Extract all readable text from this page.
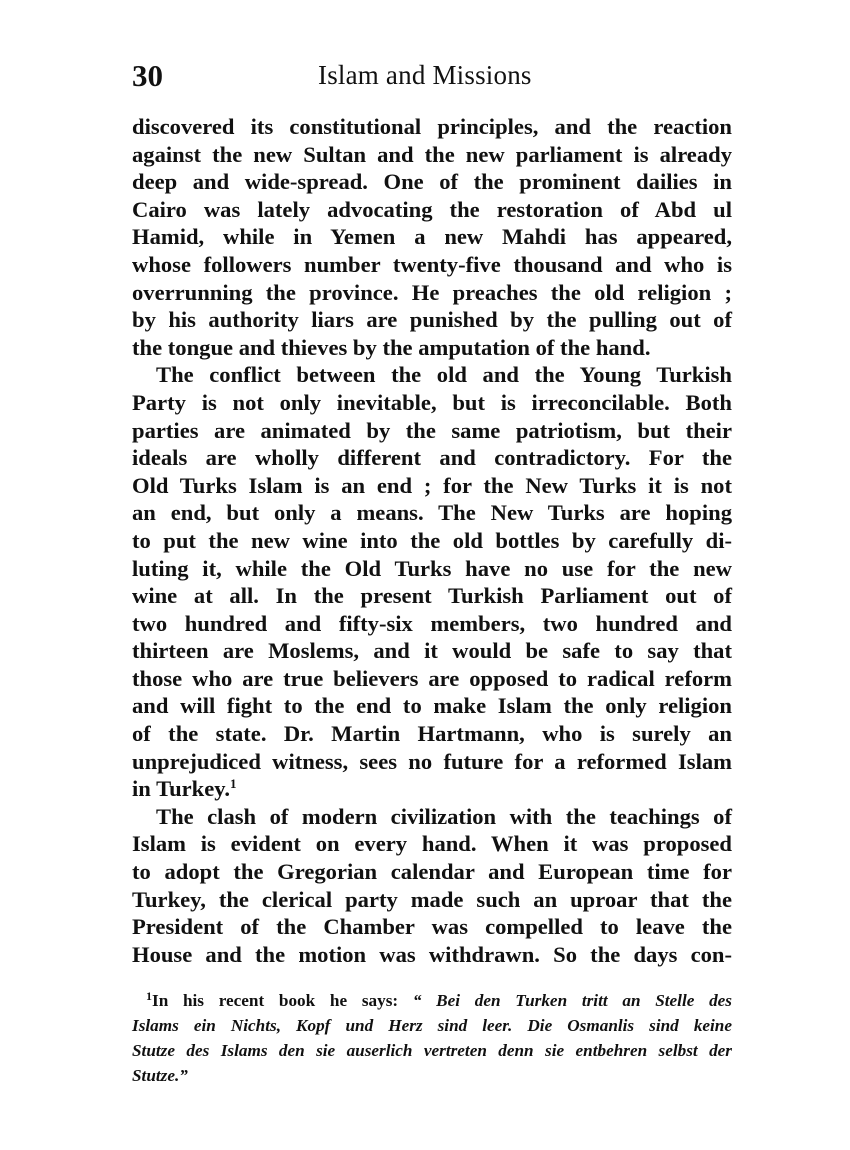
30	Islam and Missions
discovered its constitutional principles, and the reaction
against the new Sultan and the new parliament is already
deep and wide-spread. One of the prominent dailies in
Cairo was lately advocating the restoration of Abd ul
Hamid, while in Yemen a new Mahdi has appeared,
whose followers number twenty-five thousand and who is
overrunning the province. He preaches the old religion ;
by his authority liars are punished by the pulling out of
the tongue and thieves by the amputation of the hand.
The conflict between the old and the Young Turkish
Party is not only inevitable, but is irreconcilable. Both
parties are animated by the same patriotism, but their
ideals are wholly different and contradictory. For the
Old Turks Islam is an end ; for the New Turks it is not
an end, but only a means. The New Turks are hoping
to put the new wine into the old bottles by carefully di-
luting it, while the Old Turks have no use for the new
wine at all. In the present Turkish Parliament out of
two hundred and fifty-six members, two hundred and
thirteen are Moslems, and it would be safe to say that
those who are true believers are opposed to radical reform
and will fight to the end to make Islam the only religion
of the state. Dr. Martin Hartmann, who is surely an
unprejudiced witness, sees no future for a reformed Islam
in Turkey.$^1$
The clash of modern civilization with the teachings of
Islam is evident on every hand. When it was proposed
to adopt the Gregorian calendar and European time for
Turkey, the clerical party made such an uproar that the
President of the Chamber was compelled to leave the
House and the motion was withdrawn. So the days con-
$^1$In his recent book he says: “ Bei den Turken tritt an Stelle des
Islams ein Nichts, Kopf und Herz sind leer. Die Osmanlis sind keine
Stutze des Islams den sie auserlich vertreten denn sie entbehren selbst der
Stutze.”
